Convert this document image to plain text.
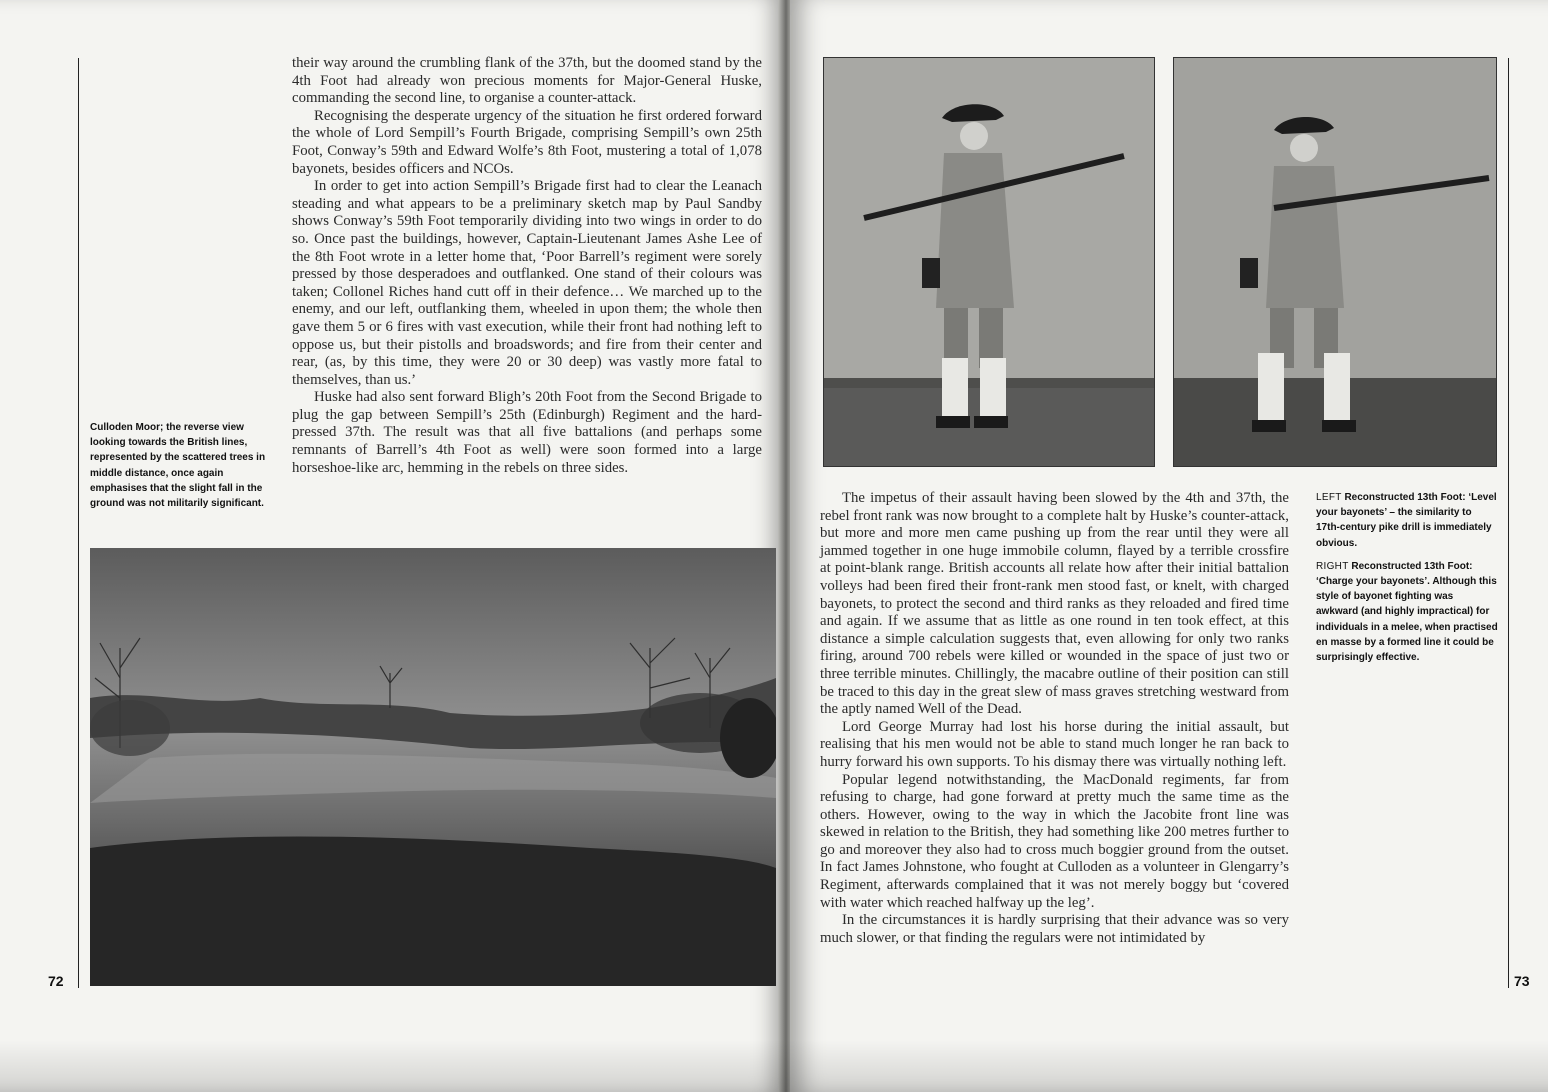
Culloden Moor; the reverse view looking towards the British lines, represented by the scattered trees in middle distance, once again emphasises that the slight fall in the ground was not militarily significant.

their way around the crumbling flank of the 37th, but the doomed stand by the 4th Foot had already won precious moments for Major-General Huske, commanding the second line, to organise a counter-attack.

Recognising the desperate urgency of the situation he first ordered forward the whole of Lord Sempill’s Fourth Brigade, comprising Sempill’s own 25th Foot, Conway’s 59th and Edward Wolfe’s 8th Foot, mustering a total of 1,078 bayonets, besides officers and NCOs.

In order to get into action Sempill’s Brigade first had to clear the Leanach steading and what appears to be a preliminary sketch map by Paul Sandby shows Conway’s 59th Foot temporarily dividing into two wings in order to do so. Once past the buildings, however, Captain-Lieutenant James Ashe Lee of the 8th Foot wrote in a letter home that, ‘Poor Barrell’s regiment were sorely pressed by those desperadoes and outflanked. One stand of their colours was taken; Collonel Riches hand cutt off in their defence… We marched up to the enemy, and our left, outflanking them, wheeled in upon them; the whole then gave them 5 or 6 fires with vast execution, while their front had nothing left to oppose us, but their pistolls and broadswords; and fire from their center and rear, (as, by this time, they were 20 or 30 deep) was vastly more fatal to themselves, than us.’

Huske had also sent forward Bligh’s 20th Foot from the Second Brigade to plug the gap between Sempill’s 25th (Edinburgh) Regiment and the hard-pressed 37th. The result was that all five battalions (and perhaps some remnants of Barrell’s 4th Foot as well) were soon formed into a large horseshoe-like arc, hemming in the rebels on three sides.

72

The impetus of their assault having been slowed by the 4th and 37th, the rebel front rank was now brought to a complete halt by Huske’s counter-attack, but more and more men came pushing up from the rear until they were all jammed together in one huge immobile column, flayed by a terrible crossfire at point-blank range. British accounts all relate how after their initial battalion volleys had been fired their front-rank men stood fast, or knelt, with charged bayonets, to protect the second and third ranks as they reloaded and fired time and again. If we assume that as little as one round in ten took effect, at this distance a simple calculation suggests that, even allowing for only two ranks firing, around 700 rebels were killed or wounded in the space of just two or three terrible minutes. Chillingly, the macabre outline of their position can still be traced to this day in the great slew of mass graves stretching westward from the aptly named Well of the Dead.

Lord George Murray had lost his horse during the initial assault, but realising that his men would not be able to stand much longer he ran back to hurry forward his own supports. To his dismay there was virtually nothing left.

Popular legend notwithstanding, the MacDonald regiments, far from refusing to charge, had gone forward at pretty much the same time as the others. However, owing to the way in which the Jacobite front line was skewed in relation to the British, they had something like 200 metres further to go and moreover they also had to cross much boggier ground from the outset. In fact James Johnstone, who fought at Culloden as a volunteer in Glengarry’s Regiment, afterwards complained that it was not merely boggy but ‘covered with water which reached halfway up the leg’.

In the circumstances it is hardly surprising that their advance was so very much slower, or that finding the regulars were not intimidated by

LEFT Reconstructed 13th Foot: ‘Level your bayonets’ – the similarity to 17th-century pike drill is immediately obvious.

RIGHT Reconstructed 13th Foot: ‘Charge your bayonets’. Although this style of bayonet fighting was awkward (and highly impractical) for individuals in a melee, when practised en masse by a formed line it could be surprisingly effective.

73
